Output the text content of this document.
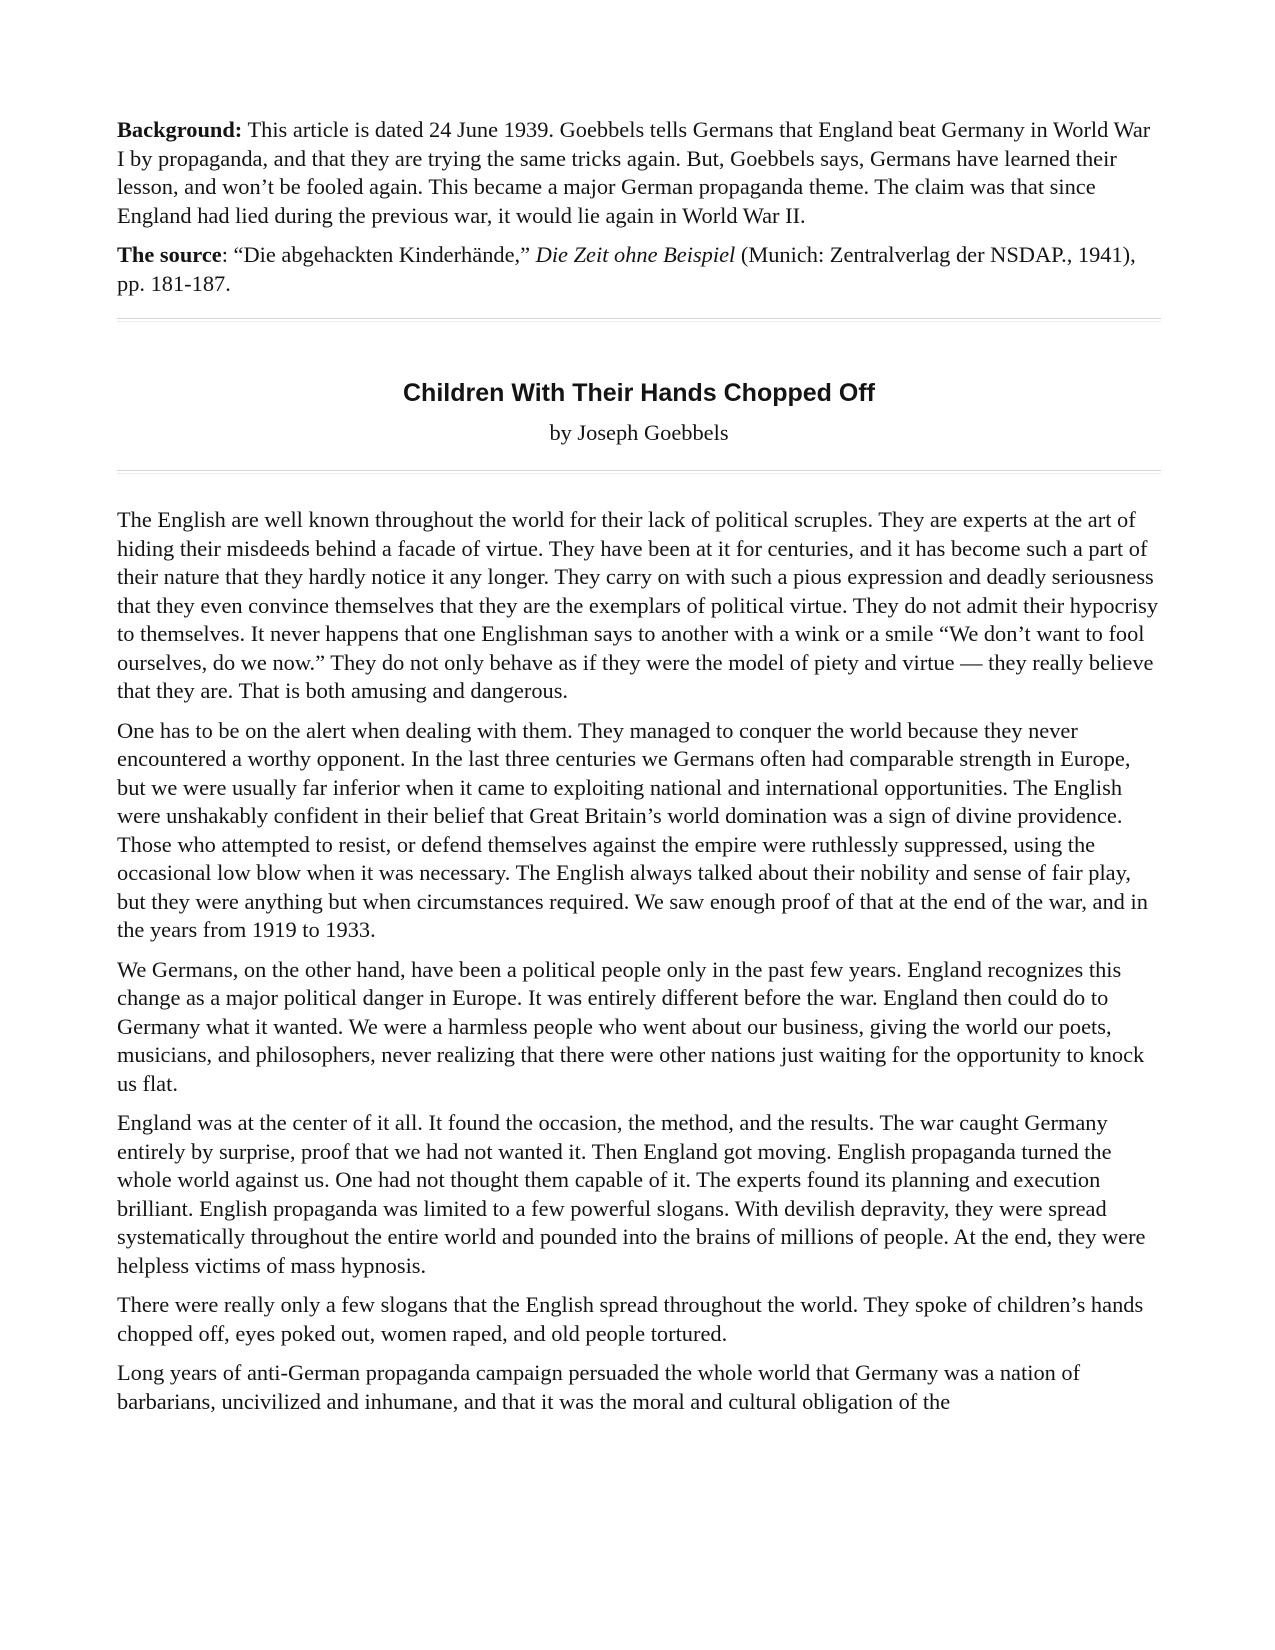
Background: This article is dated 24 June 1939. Goebbels tells Germans that England beat Germany in World War I by propaganda, and that they are trying the same tricks again. But, Goebbels says, Germans have learned their lesson, and won’t be fooled again. This became a major German propaganda theme. The claim was that since England had lied during the previous war, it would lie again in World War II.

The source: “Die abgehackten Kinderhände,” Die Zeit ohne Beispiel (Munich: Zentralverlag der NSDAP., 1941), pp. 181-187.

Children With Their Hands Chopped Off
by Joseph Goebbels

The English are well known throughout the world for their lack of political scruples. They are experts at the art of hiding their misdeeds behind a facade of virtue. They have been at it for centuries, and it has become such a part of their nature that they hardly notice it any longer. They carry on with such a pious expression and deadly seriousness that they even convince themselves that they are the exemplars of political virtue. They do not admit their hypocrisy to themselves. It never happens that one Englishman says to another with a wink or a smile “We don’t want to fool ourselves, do we now.” They do not only behave as if they were the model of piety and virtue — they really believe that they are. That is both amusing and dangerous.

One has to be on the alert when dealing with them. They managed to conquer the world because they never encountered a worthy opponent. In the last three centuries we Germans often had comparable strength in Europe, but we were usually far inferior when it came to exploiting national and international opportunities. The English were unshakably confident in their belief that Great Britain’s world domination was a sign of divine providence. Those who attempted to resist, or defend themselves against the empire were ruthlessly suppressed, using the occasional low blow when it was necessary. The English always talked about their nobility and sense of fair play, but they were anything but when circumstances required. We saw enough proof of that at the end of the war, and in the years from 1919 to 1933.

We Germans, on the other hand, have been a political people only in the past few years. England recognizes this change as a major political danger in Europe. It was entirely different before the war. England then could do to Germany what it wanted. We were a harmless people who went about our business, giving the world our poets, musicians, and philosophers, never realizing that there were other nations just waiting for the opportunity to knock us flat.

England was at the center of it all. It found the occasion, the method, and the results. The war caught Germany entirely by surprise, proof that we had not wanted it. Then England got moving. English propaganda turned the whole world against us. One had not thought them capable of it. The experts found its planning and execution brilliant. English propaganda was limited to a few powerful slogans. With devilish depravity, they were spread systematically throughout the entire world and pounded into the brains of millions of people. At the end, they were helpless victims of mass hypnosis.

There were really only a few slogans that the English spread throughout the world. They spoke of children’s hands chopped off, eyes poked out, women raped, and old people tortured.

Long years of anti-German propaganda campaign persuaded the whole world that Germany was a nation of barbarians, uncivilized and inhumane, and that it was the moral and cultural obligation of the
